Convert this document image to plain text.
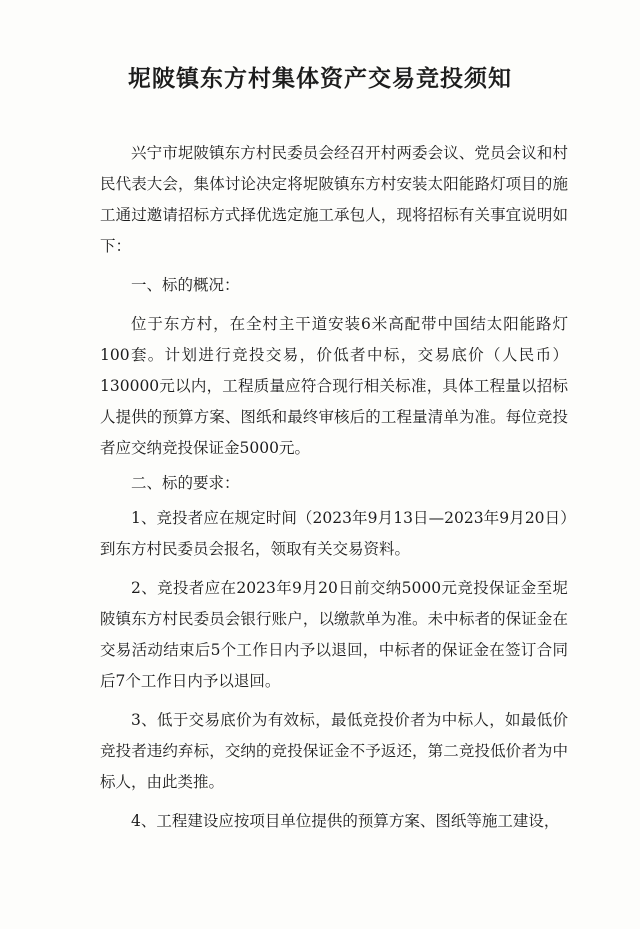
坭陂镇东方村集体资产交易竞投须知

兴宁市坭陂镇东方村民委员会经召开村两委会议、党员会议和村民代表大会，集体讨论决定将坭陂镇东方村安装太阳能路灯项目的施工通过邀请招标方式择优选定施工承包人，现将招标有关事宜说明如下：

一、标的概况：

位于东方村，在全村主干道安装6米高配带中国结太阳能路灯100套。计划进行竞投交易，价低者中标，交易底价（人民币）130000元以内，工程质量应符合现行相关标准，具体工程量以招标人提供的预算方案、图纸和最终审核后的工程量清单为准。每位竞投者应交纳竞投保证金5000元。

二、标的要求：

1、竞投者应在规定时间（2023年9月13日—2023年9月20日）到东方村民委员会报名，领取有关交易资料。

2、竞投者应在2023年9月20日前交纳5000元竞投保证金至坭陂镇东方村民委员会银行账户，以缴款单为准。未中标者的保证金在交易活动结束后5个工作日内予以退回，中标者的保证金在签订合同后7个工作日内予以退回。

3、低于交易底价为有效标，最低竞投价者为中标人，如最低价竞投者违约弃标，交纳的竞投保证金不予返还，第二竞投低价者为中标人，由此类推。

4、工程建设应按项目单位提供的预算方案、图纸等施工建设，
